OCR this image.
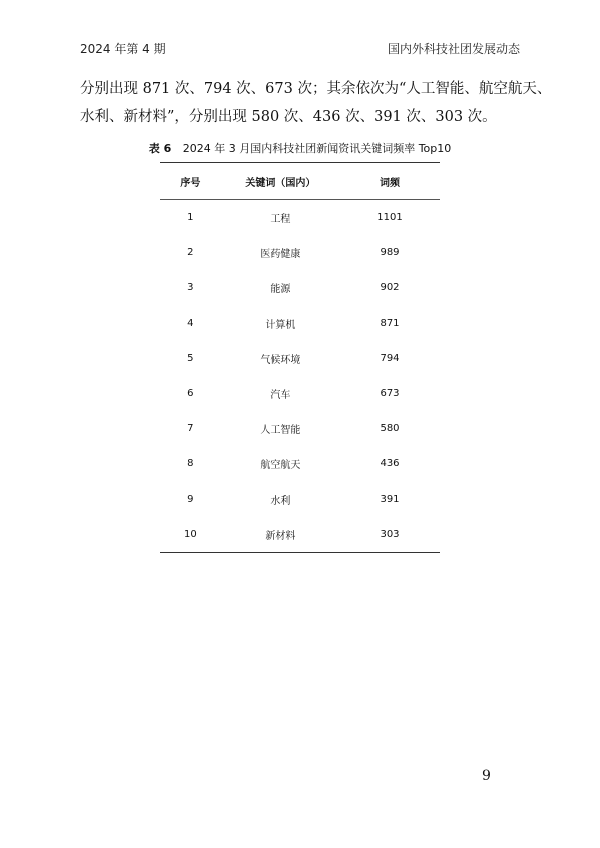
2024 年第 4 期	国内外科技社团发展动态
分别出现 871 次、794 次、673 次；其余依次为“人工智能、航空航天、
水利、新材料”，分别出现 580 次、436 次、391 次、303 次。
表 6 2024 年 3 月国内科技社团新闻资讯关键词频率 Top10
序号	关键词（国内）	词频
1	工程	1101
2	医药健康	989
3	能源	902
4	计算机	871
5	气候环境	794
6	汽车	673
7	人工智能	580
8	航空航天	436
9	水利	391
10	新材料	303
9
